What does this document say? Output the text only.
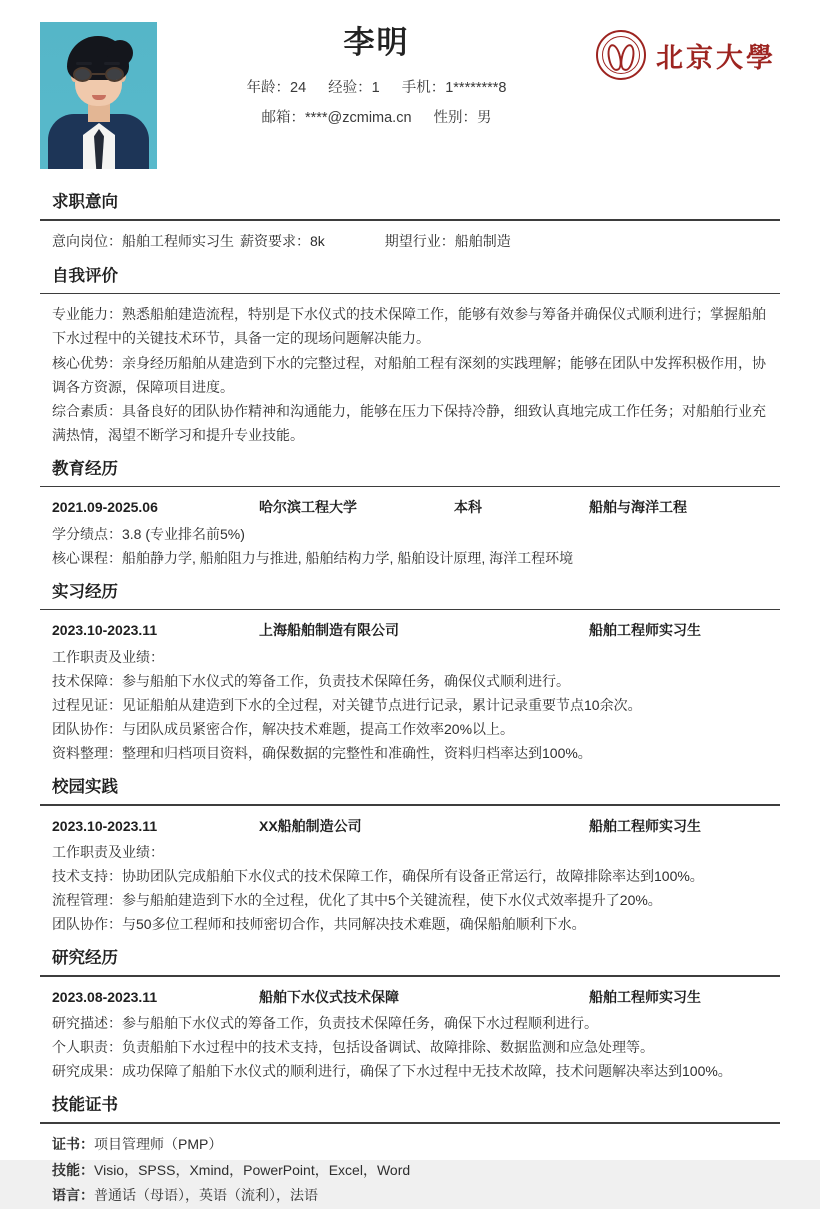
李明
年龄：24 经验：1 手机：1********8
邮箱：****@zcmima.cn 性别：男
北京大學
求职意向
意向岗位： 船舶工程师实习生 薪资要求： 8k	期望行业： 船舶制造
自我评价
专业能力：熟悉船舶建造流程，特别是下水仪式的技术保障工作，能够有效参与筹备并确保仪式顺利进行；掌握船舶下水过程中的关键技术环节，具备一定的现场问题解决能力。
核心优势：亲身经历船舶从建造到下水的完整过程，对船舶工程有深刻的实践理解；能够在团队中发挥积极作用，协调各方资源，保障项目进度。
综合素质：具备良好的团队协作精神和沟通能力，能够在压力下保持冷静，细致认真地完成工作任务；对船舶行业充满热情，渴望不断学习和提升专业技能。
教育经历
2021.09-2025.06	哈尔滨工程大学	本科	船舶与海洋工程
学分绩点：3.8 (专业排名前5%)
核心课程：船舶静力学, 船舶阻力与推进, 船舶结构力学, 船舶设计原理, 海洋工程环境
实习经历
2023.10-2023.11	上海船舶制造有限公司	船舶工程师实习生
工作职责及业绩：
技术保障：参与船舶下水仪式的筹备工作，负责技术保障任务，确保仪式顺利进行。
过程见证：见证船舶从建造到下水的全过程，对关键节点进行记录，累计记录重要节点10余次。
团队协作：与团队成员紧密合作，解决技术难题，提高工作效率20%以上。
资料整理：整理和归档项目资料，确保数据的完整性和准确性，资料归档率达到100%。
校园实践
2023.10-2023.11	XX船舶制造公司	船舶工程师实习生
工作职责及业绩：
技术支持：协助团队完成船舶下水仪式的技术保障工作，确保所有设备正常运行，故障排除率达到100%。
流程管理：参与船舶建造到下水的全过程，优化了其中5个关键流程，使下水仪式效率提升了20%。
团队协作：与50多位工程师和技师密切合作，共同解决技术难题，确保船舶顺利下水。
研究经历
2023.08-2023.11	船舶下水仪式技术保障	船舶工程师实习生
研究描述：参与船舶下水仪式的筹备工作，负责技术保障任务，确保下水过程顺利进行。
个人职责：负责船舶下水过程中的技术支持，包括设备调试、故障排除、数据监测和应急处理等。
研究成果：成功保障了船舶下水仪式的顺利进行，确保了下水过程中无技术故障，技术问题解决率达到100%。
技能证书
证书：项目管理师（PMP）
技能：Visio，SPSS，Xmind，PowerPoint，Excel，Word
语言：普通话（母语），英语（流利），法语
